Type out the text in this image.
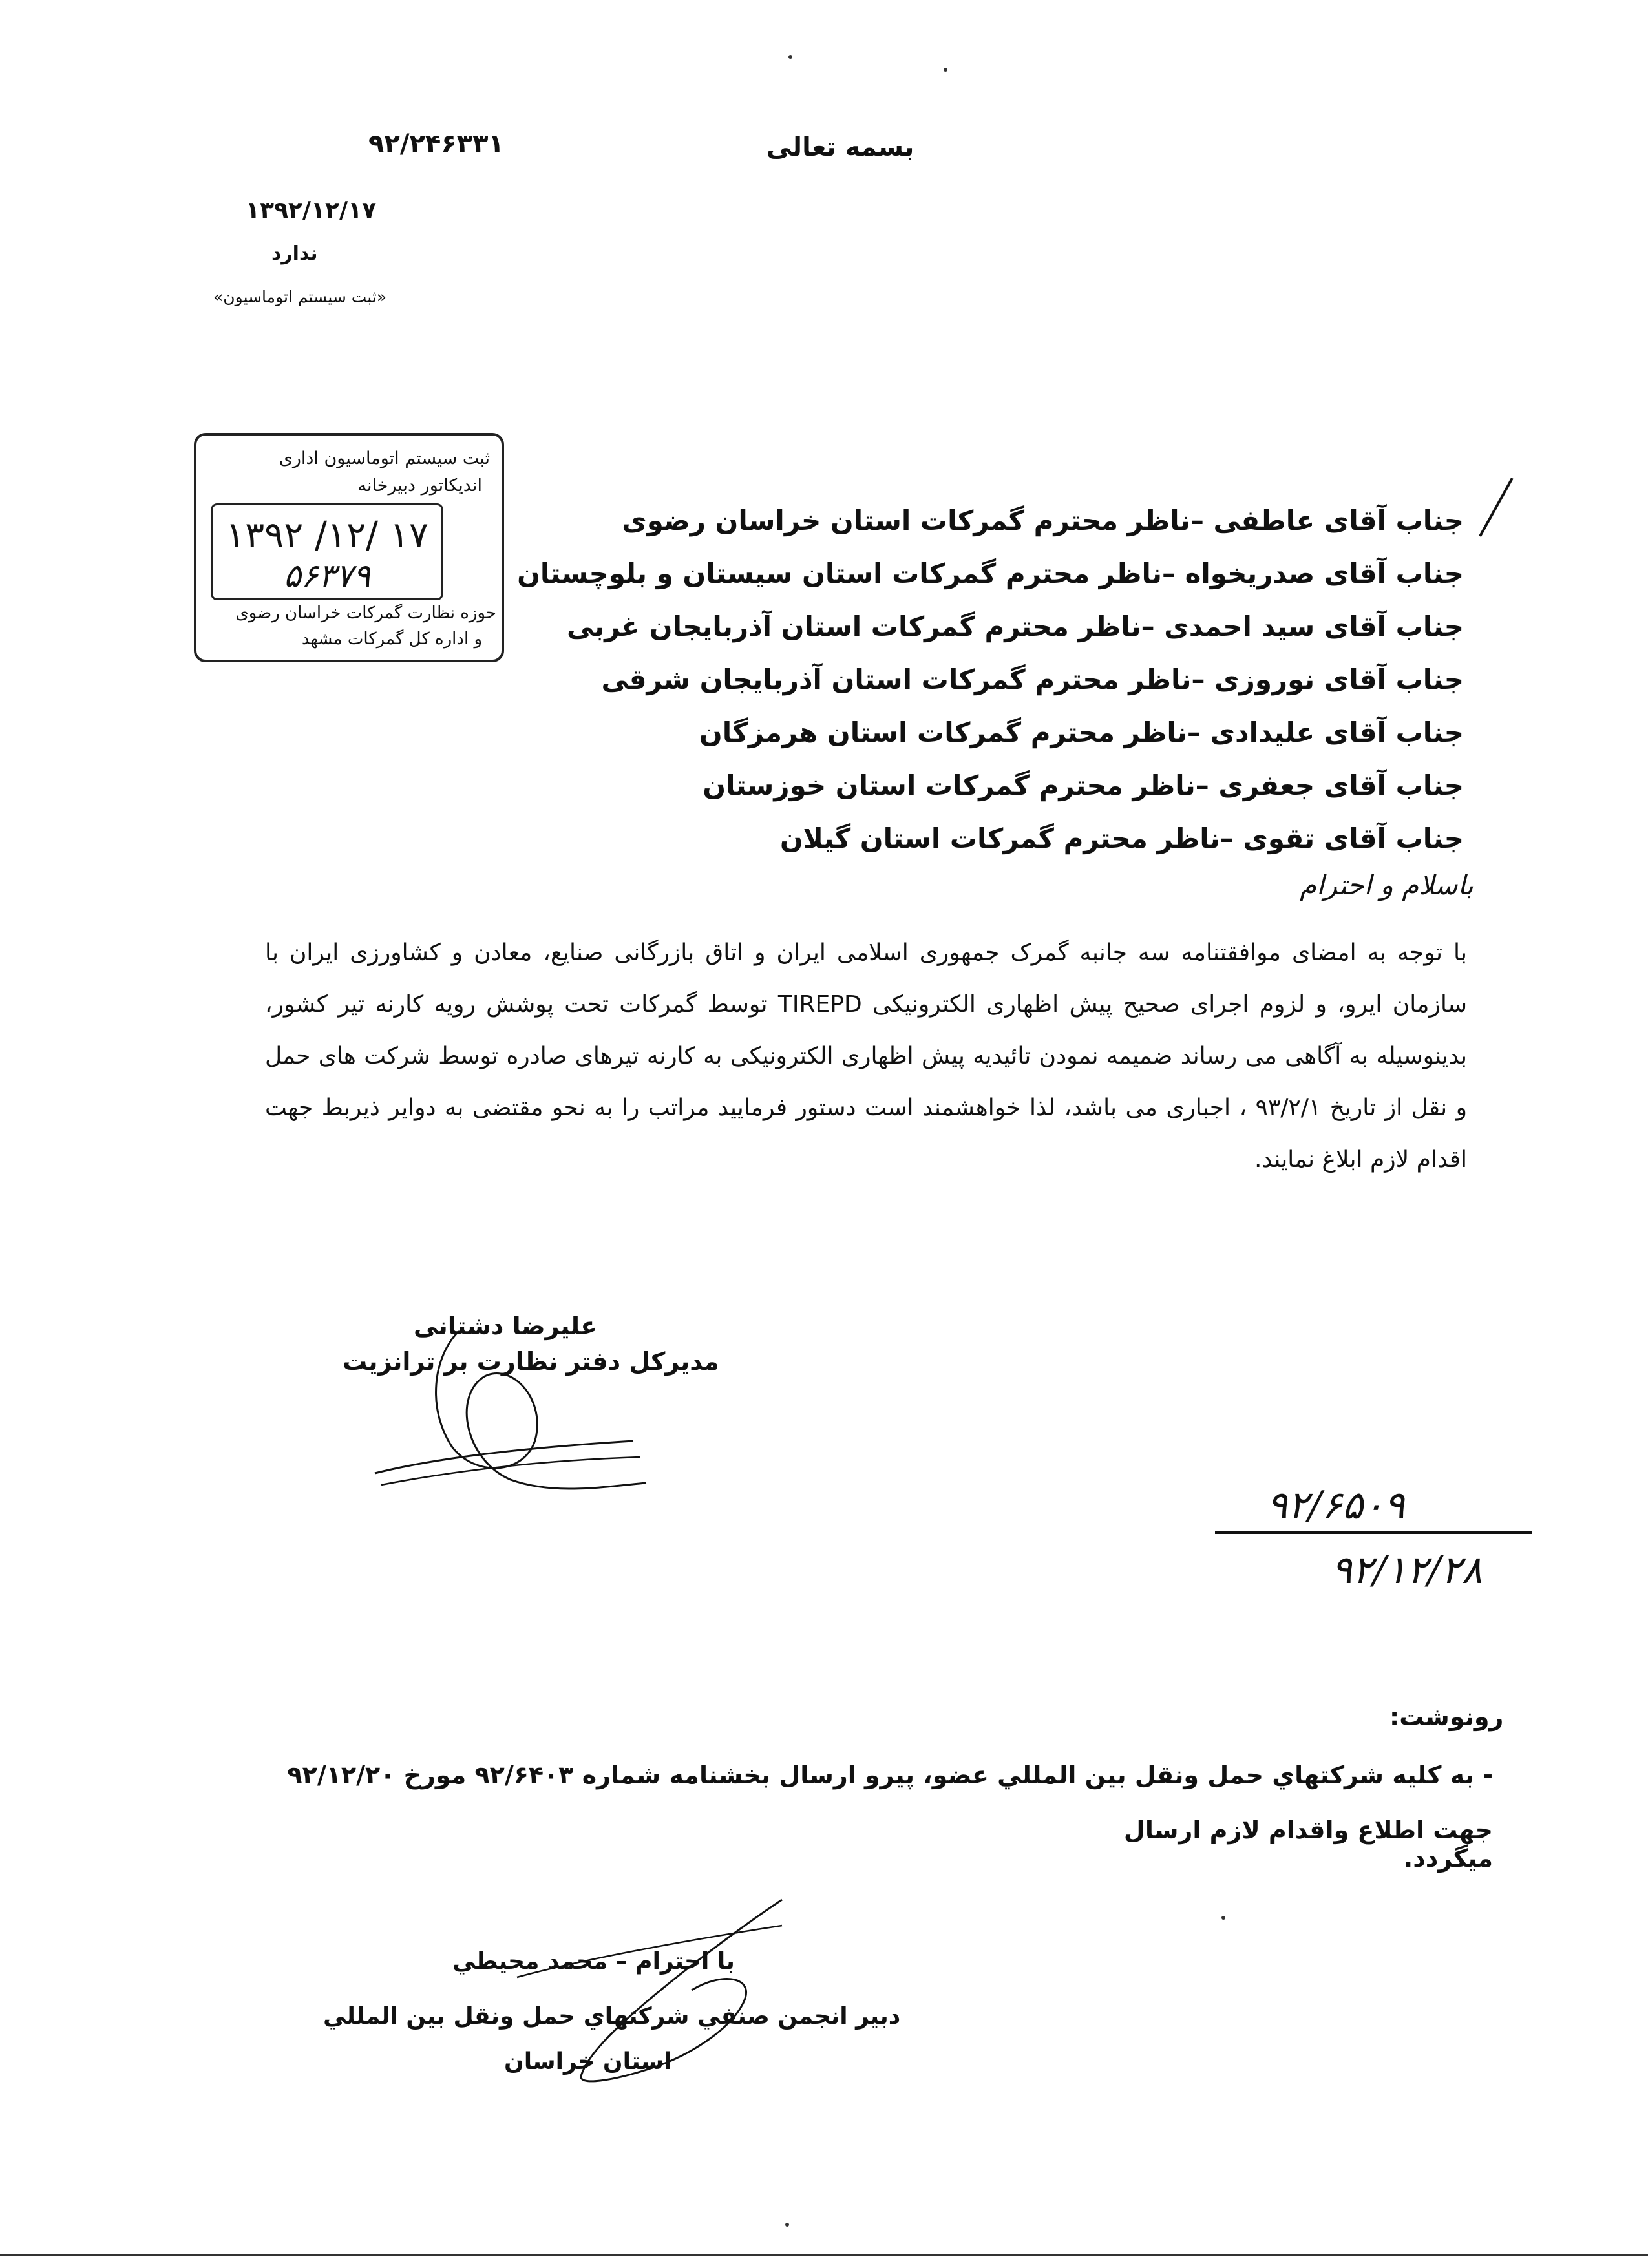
بسمه تعالی
۹۲/۲۴۶۳۳۱
۱۳۹۲/۱۲/۱۷
ندارد
«ثبت سیستم اتوماسیون»
ثبت سیستم اتوماسیون اداری
اندیکاتور دبیرخانه
۱۳۹۲ /۱۲/ ۱۷
۵۶۳۷۹
حوزه نظارت گمرکات خراسان رضوی
و اداره کل گمرکات مشهد
جناب آقای عاطفی –ناظر محترم گمرکات استان خراسان رضوی
جناب آقای صدریخواه –ناظر محترم گمرکات استان سیستان و بلوچستان
جناب آقای سید احمدی –ناظر محترم گمرکات استان آذربایجان غربی
جناب آقای نوروزی –ناظر محترم گمرکات استان آذربایجان شرقی
جناب آقای علیدادی –ناظر محترم گمرکات استان هرمزگان
جناب آقای جعفری –ناظر محترم گمرکات استان خوزستان
جناب آقای تقوی –ناظر محترم گمرکات استان گیلان
باسلام و احترام
با توجه به امضای موافقتنامه سه جانبه گمرک جمهوری اسلامی ایران و اتاق بازرگانی صنایع، معادن و کشاورزی ایران با سازمان ایرو، و لزوم اجرای صحیح پیش اظهاری الکترونیکی TIREPD توسط گمرکات تحت پوشش رویه کارنه تیر کشور، بدینوسیله به آگاهی می رساند ضمیمه نمودن تائیدیه پیش اظهاری الکترونیکی به کارنه تیرهای صادره توسط شرکت های حمل و نقل از تاریخ ۹۳/۲/۱ ، اجباری می باشد، لذا خواهشمند است دستور فرمایید مراتب را به نحو مقتضی به دوایر ذیربط جهت اقدام لازم ابلاغ نمایند.
علیرضا دشتانی
مدیرکل دفتر نظارت بر ترانزیت
۹۲/۶۵۰۹
۹۲/۱۲/۲۸
رونوشت:
- به کلیه شرکتهاي حمل ونقل بین المللي عضو، پیرو ارسال بخشنامه شماره ۹۲/۶۴۰۳ مورخ ۹۲/۱۲/۲۰
جهت اطلاع واقدام لازم ارسال میگردد.
با احترام – محمد محیطي
دبیر انجمن صنفي شرکتهاي حمل ونقل بین المللي
استان خراسان
